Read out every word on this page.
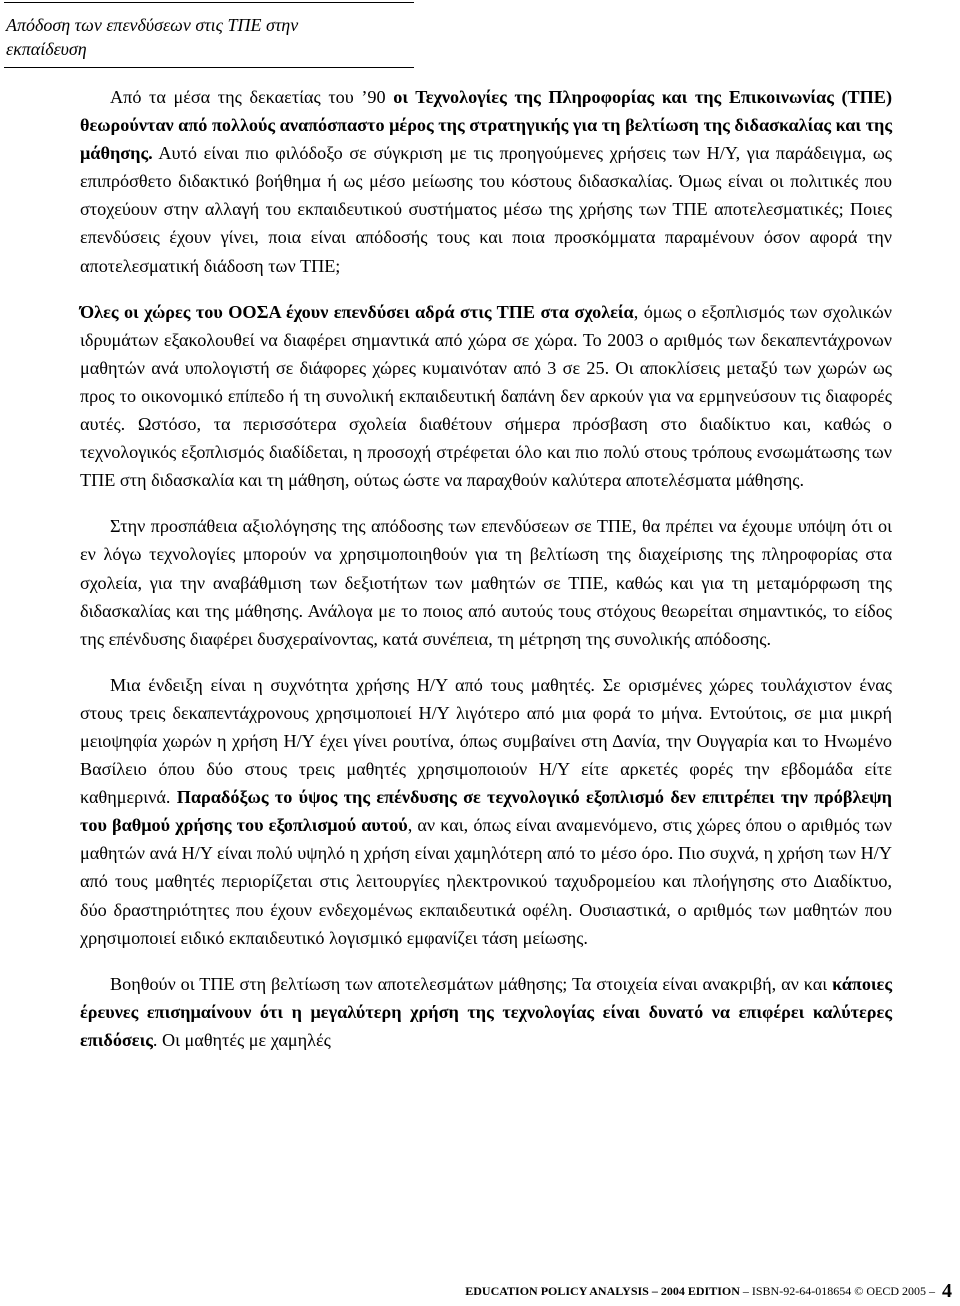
Απόδοση των επενδύσεων στις ΤΠΕ στην
εκπαίδευση

Από τα μέσα της δεκαετίας του ’90 οι Τεχνολογίες της Πληροφορίας και της Επικοινωνίας (ΤΠΕ) θεωρούνταν από πολλούς αναπόσπαστο μέρος της στρατηγικής για τη βελτίωση της διδασκαλίας και της μάθησης. Αυτό είναι πιο φιλόδοξο σε σύγκριση με τις προηγούμενες χρήσεις των Η/Υ, για παράδειγμα, ως επιπρόσθετο διδακτικό βοήθημα ή ως μέσο μείωσης του κόστους διδασκαλίας. Όμως είναι οι πολιτικές που στοχεύουν στην αλλαγή του εκπαιδευτικού συστήματος μέσω της χρήσης των ΤΠΕ αποτελεσματικές; Ποιες επενδύσεις έχουν γίνει, ποια είναι απόδοσής τους και ποια προσκόμματα παραμένουν όσον αφορά την αποτελεσματική διάδοση των ΤΠΕ;

Όλες οι χώρες του ΟΟΣΑ έχουν επενδύσει αδρά στις ΤΠΕ στα σχολεία, όμως ο εξοπλισμός των σχολικών ιδρυμάτων εξακολουθεί να διαφέρει σημαντικά από χώρα σε χώρα. Το 2003 ο αριθμός των δεκαπεντάχρονων μαθητών ανά υπολογιστή σε διάφορες χώρες κυμαινόταν από 3 σε 25. Οι αποκλίσεις μεταξύ των χωρών ως προς το οικονομικό επίπεδο ή τη συνολική εκπαιδευτική δαπάνη δεν αρκούν για να ερμηνεύσουν τις διαφορές αυτές. Ωστόσο, τα περισσότερα σχολεία διαθέτουν σήμερα πρόσβαση στο διαδίκτυο και, καθώς ο τεχνολογικός εξοπλισμός διαδίδεται, η προσοχή στρέφεται όλο και πιο πολύ στους τρόπους ενσωμάτωσης των ΤΠΕ στη διδασκαλία και τη μάθηση, ούτως ώστε να παραχθούν καλύτερα αποτελέσματα μάθησης.

Στην προσπάθεια αξιολόγησης της απόδοσης των επενδύσεων σε ΤΠΕ, θα πρέπει να έχουμε υπόψη ότι οι εν λόγω τεχνολογίες μπορούν να χρησιμοποιηθούν για τη βελτίωση της διαχείρισης της πληροφορίας στα σχολεία, για την αναβάθμιση των δεξιοτήτων των μαθητών σε ΤΠΕ, καθώς και για τη μεταμόρφωση της διδασκαλίας και της μάθησης. Ανάλογα με το ποιος από αυτούς τους στόχους θεωρείται σημαντικός, το είδος της επένδυσης διαφέρει δυσχεραίνοντας, κατά συνέπεια, τη μέτρηση της συνολικής απόδοσης.

Μια ένδειξη είναι η συχνότητα χρήσης Η/Υ από τους μαθητές. Σε ορισμένες χώρες τουλάχιστον ένας στους τρεις δεκαπεντάχρονους χρησιμοποιεί Η/Υ λιγότερο από μια φορά το μήνα. Εντούτοις, σε μια μικρή μειοψηφία χωρών η χρήση Η/Υ έχει γίνει ρουτίνα, όπως συμβαίνει στη Δανία, την Ουγγαρία και το Ηνωμένο Βασίλειο όπου δύο στους τρεις μαθητές χρησιμοποιούν Η/Υ είτε αρκετές φορές την εβδομάδα είτε καθημερινά. Παραδόξως το ύψος της επένδυσης σε τεχνολογικό εξοπλισμό δεν επιτρέπει την πρόβλεψη του βαθμού χρήσης του εξοπλισμού αυτού, αν και, όπως είναι αναμενόμενο, στις χώρες όπου ο αριθμός των μαθητών ανά Η/Υ είναι πολύ υψηλό η χρήση είναι χαμηλότερη από το μέσο όρο. Πιο συχνά, η χρήση των Η/Υ από τους μαθητές περιορίζεται στις λειτουργίες ηλεκτρονικού ταχυδρομείου και πλοήγησης στο Διαδίκτυο, δύο δραστηριότητες που έχουν ενδεχομένως εκπαιδευτικά οφέλη. Ουσιαστικά, ο αριθμός των μαθητών που χρησιμοποιεί ειδικό εκπαιδευτικό λογισμικό εμφανίζει τάση μείωσης.

Βοηθούν οι ΤΠΕ στη βελτίωση των αποτελεσμάτων μάθησης; Τα στοιχεία είναι ανακριβή, αν και κάποιες έρευνες επισημαίνουν ότι η μεγαλύτερη χρήση της τεχνολογίας είναι δυνατό να επιφέρει καλύτερες επιδόσεις. Οι μαθητές με χαμηλές

EDUCATION POLICY ANALYSIS – 2004 EDITION – ISBN-92-64-018654 © OECD 2005 – 4
